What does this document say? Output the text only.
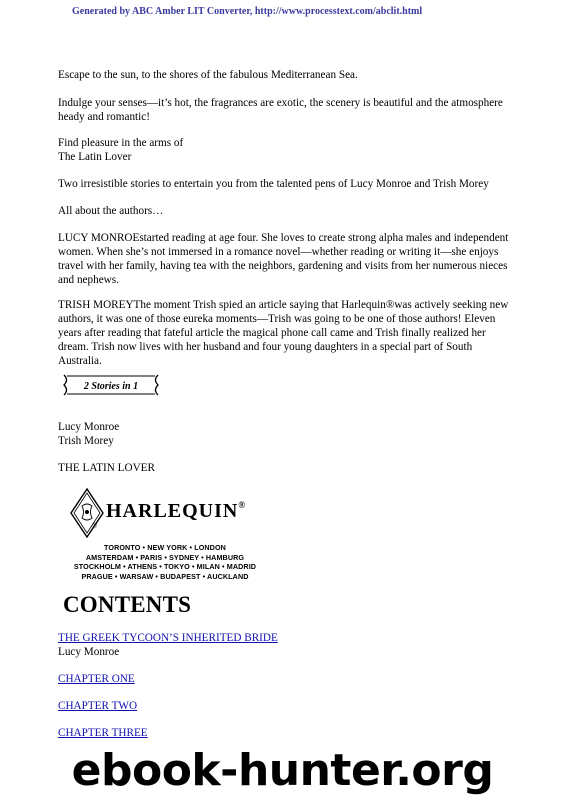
Generated by ABC Amber LIT Converter, http://www.processtext.com/abclit.html

Escape to the sun, to the shores of the fabulous Mediterranean Sea.

Indulge your senses—it’s hot, the fragrances are exotic, the scenery is beautiful and the atmosphere heady and romantic!

Find pleasure in the arms of

The Latin Lover

Two irresistible stories to entertain you from the talented pens of Lucy Monroe and Trish Morey

All about the authors…

LUCY MONROEstarted reading at age four. She loves to create strong alpha males and independent women. When she’s not immersed in a romance novel—whether reading or writing it—she enjoys travel with her family, having tea with the neighbors, gardening and visits from her numerous nieces and nephews.

TRISH MOREYThe moment Trish spied an article saying that Harlequin®was actively seeking new authors, it was one of those eureka moments—Trish was going to be one of those authors! Eleven years after reading that fateful article the magical phone call came and Trish finally realized her dream. Trish now lives with her husband and four young daughters in a special part of South Australia.

2 Stories in 1

Lucy Monroe

Trish Morey

THE LATIN LOVER

HARLEQUIN®
®
TORONTO • NEW YORK • LONDON
AMSTERDAM • PARIS • SYDNEY • HAMBURG
STOCKHOLM • ATHENS • TOKYO • MILAN • MADRID
PRAGUE • WARSAW • BUDAPEST • AUCKLAND
CONTENTS
THE GREEK TYCOON’S INHERITED BRIDE

Lucy Monroe

CHAPTER ONE
CHAPTER TWO
CHAPTER THREE
ebook-hunter.org
